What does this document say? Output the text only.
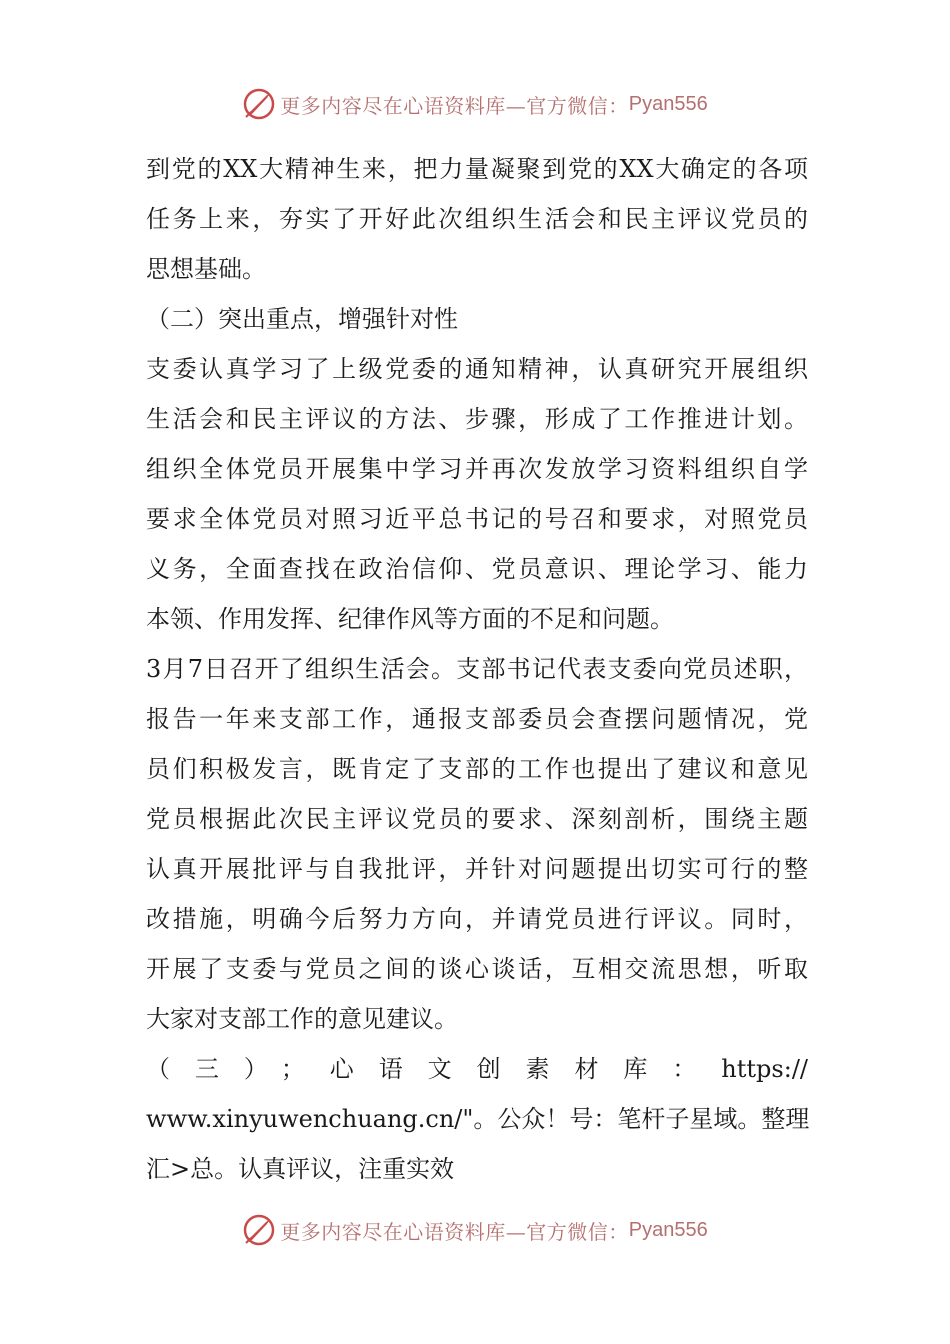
更多内容尽在心语资料库—官方微信： Pyan556
到党的XX大精神生来，把力量凝聚到党的XX大确定的各项
任务上来，夯实了开好此次组织生活会和民主评议党员的
思想基础。
（二）突出重点，增强针对性
支委认真学习了上级党委的通知精神，认真研究开展组织
生活会和民主评议的方法、步骤，形成了工作推进计划。
组织全体党员开展集中学习并再次发放学习资料组织自学
要求全体党员对照习近平总书记的号召和要求，对照党员
义务，全面查找在政治信仰、党员意识、理论学习、能力
本领、作用发挥、纪律作风等方面的不足和问题。
3月7日召开了组织生活会。支部书记代表支委向党员述职，
报告一年来支部工作，通报支部委员会查摆问题情况，党
员们积极发言，既肯定了支部的工作也提出了建议和意见
党员根据此次民主评议党员的要求、深刻剖析，围绕主题
认真开展批评与自我批评，并针对问题提出切实可行的整
改措施，明确今后努力方向，并请党员进行评议。同时，
开展了支委与党员之间的谈心谈话，互相交流思想，听取
大家对支部工作的意见建议。
（三）；心语文创素材库：https://
www.xinyuwenchuang.cn/"。公众！号：笔杆子星域。整理
汇>总。认真评议，注重实效
更多内容尽在心语资料库—官方微信： Pyan556
